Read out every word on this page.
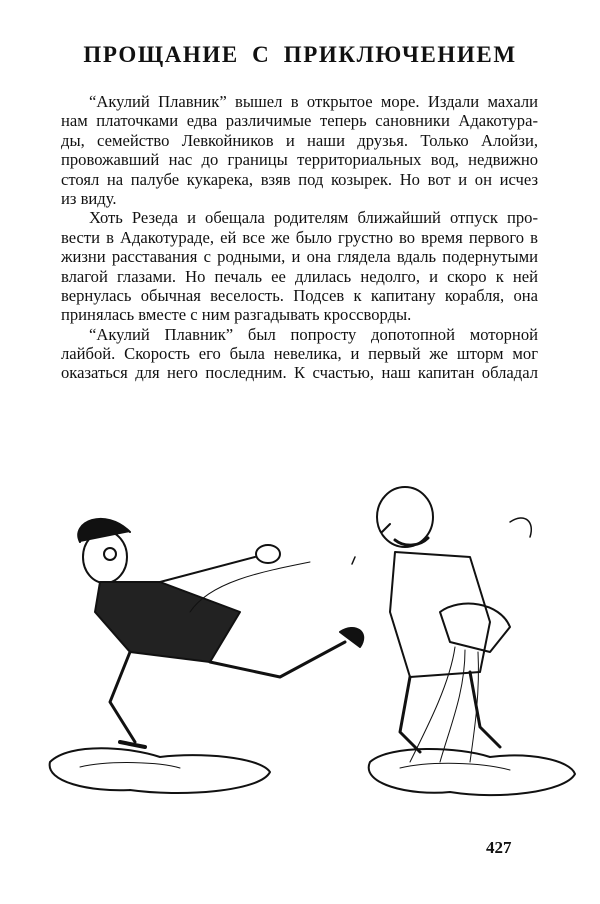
ПРОЩАНИЕ С ПРИКЛЮЧЕНИЕМ
“Акулий Плавник” вышел в открытое море. Издали махали
нам платочками едва различимые теперь сановники Адакотура-
ды, семейство Левкойников и наши друзья. Только Алойзи,
провожавший нас до границы территориальных вод, недвижно
стоял на палубе кукарека, взяв под козырек. Но вот и он исчез
из виду.
Хоть Резеда и обещала родителям ближайший отпуск про-
вести в Адакотураде, ей все же было грустно во время первого в
жизни расставания с родными, и она глядела вдаль подернутыми
влагой глазами. Но печаль ее длилась недолго, и скоро к ней
вернулась обычная веселость. Подсев к капитану корабля, она
принялась вместе с ним разгадывать кроссворды.
“Акулий Плавник” был попросту допотопной моторной
лайбой. Скорость его была невелика, и первый же шторм мог
оказаться для него последним. К счастью, наш капитан обладал
427
